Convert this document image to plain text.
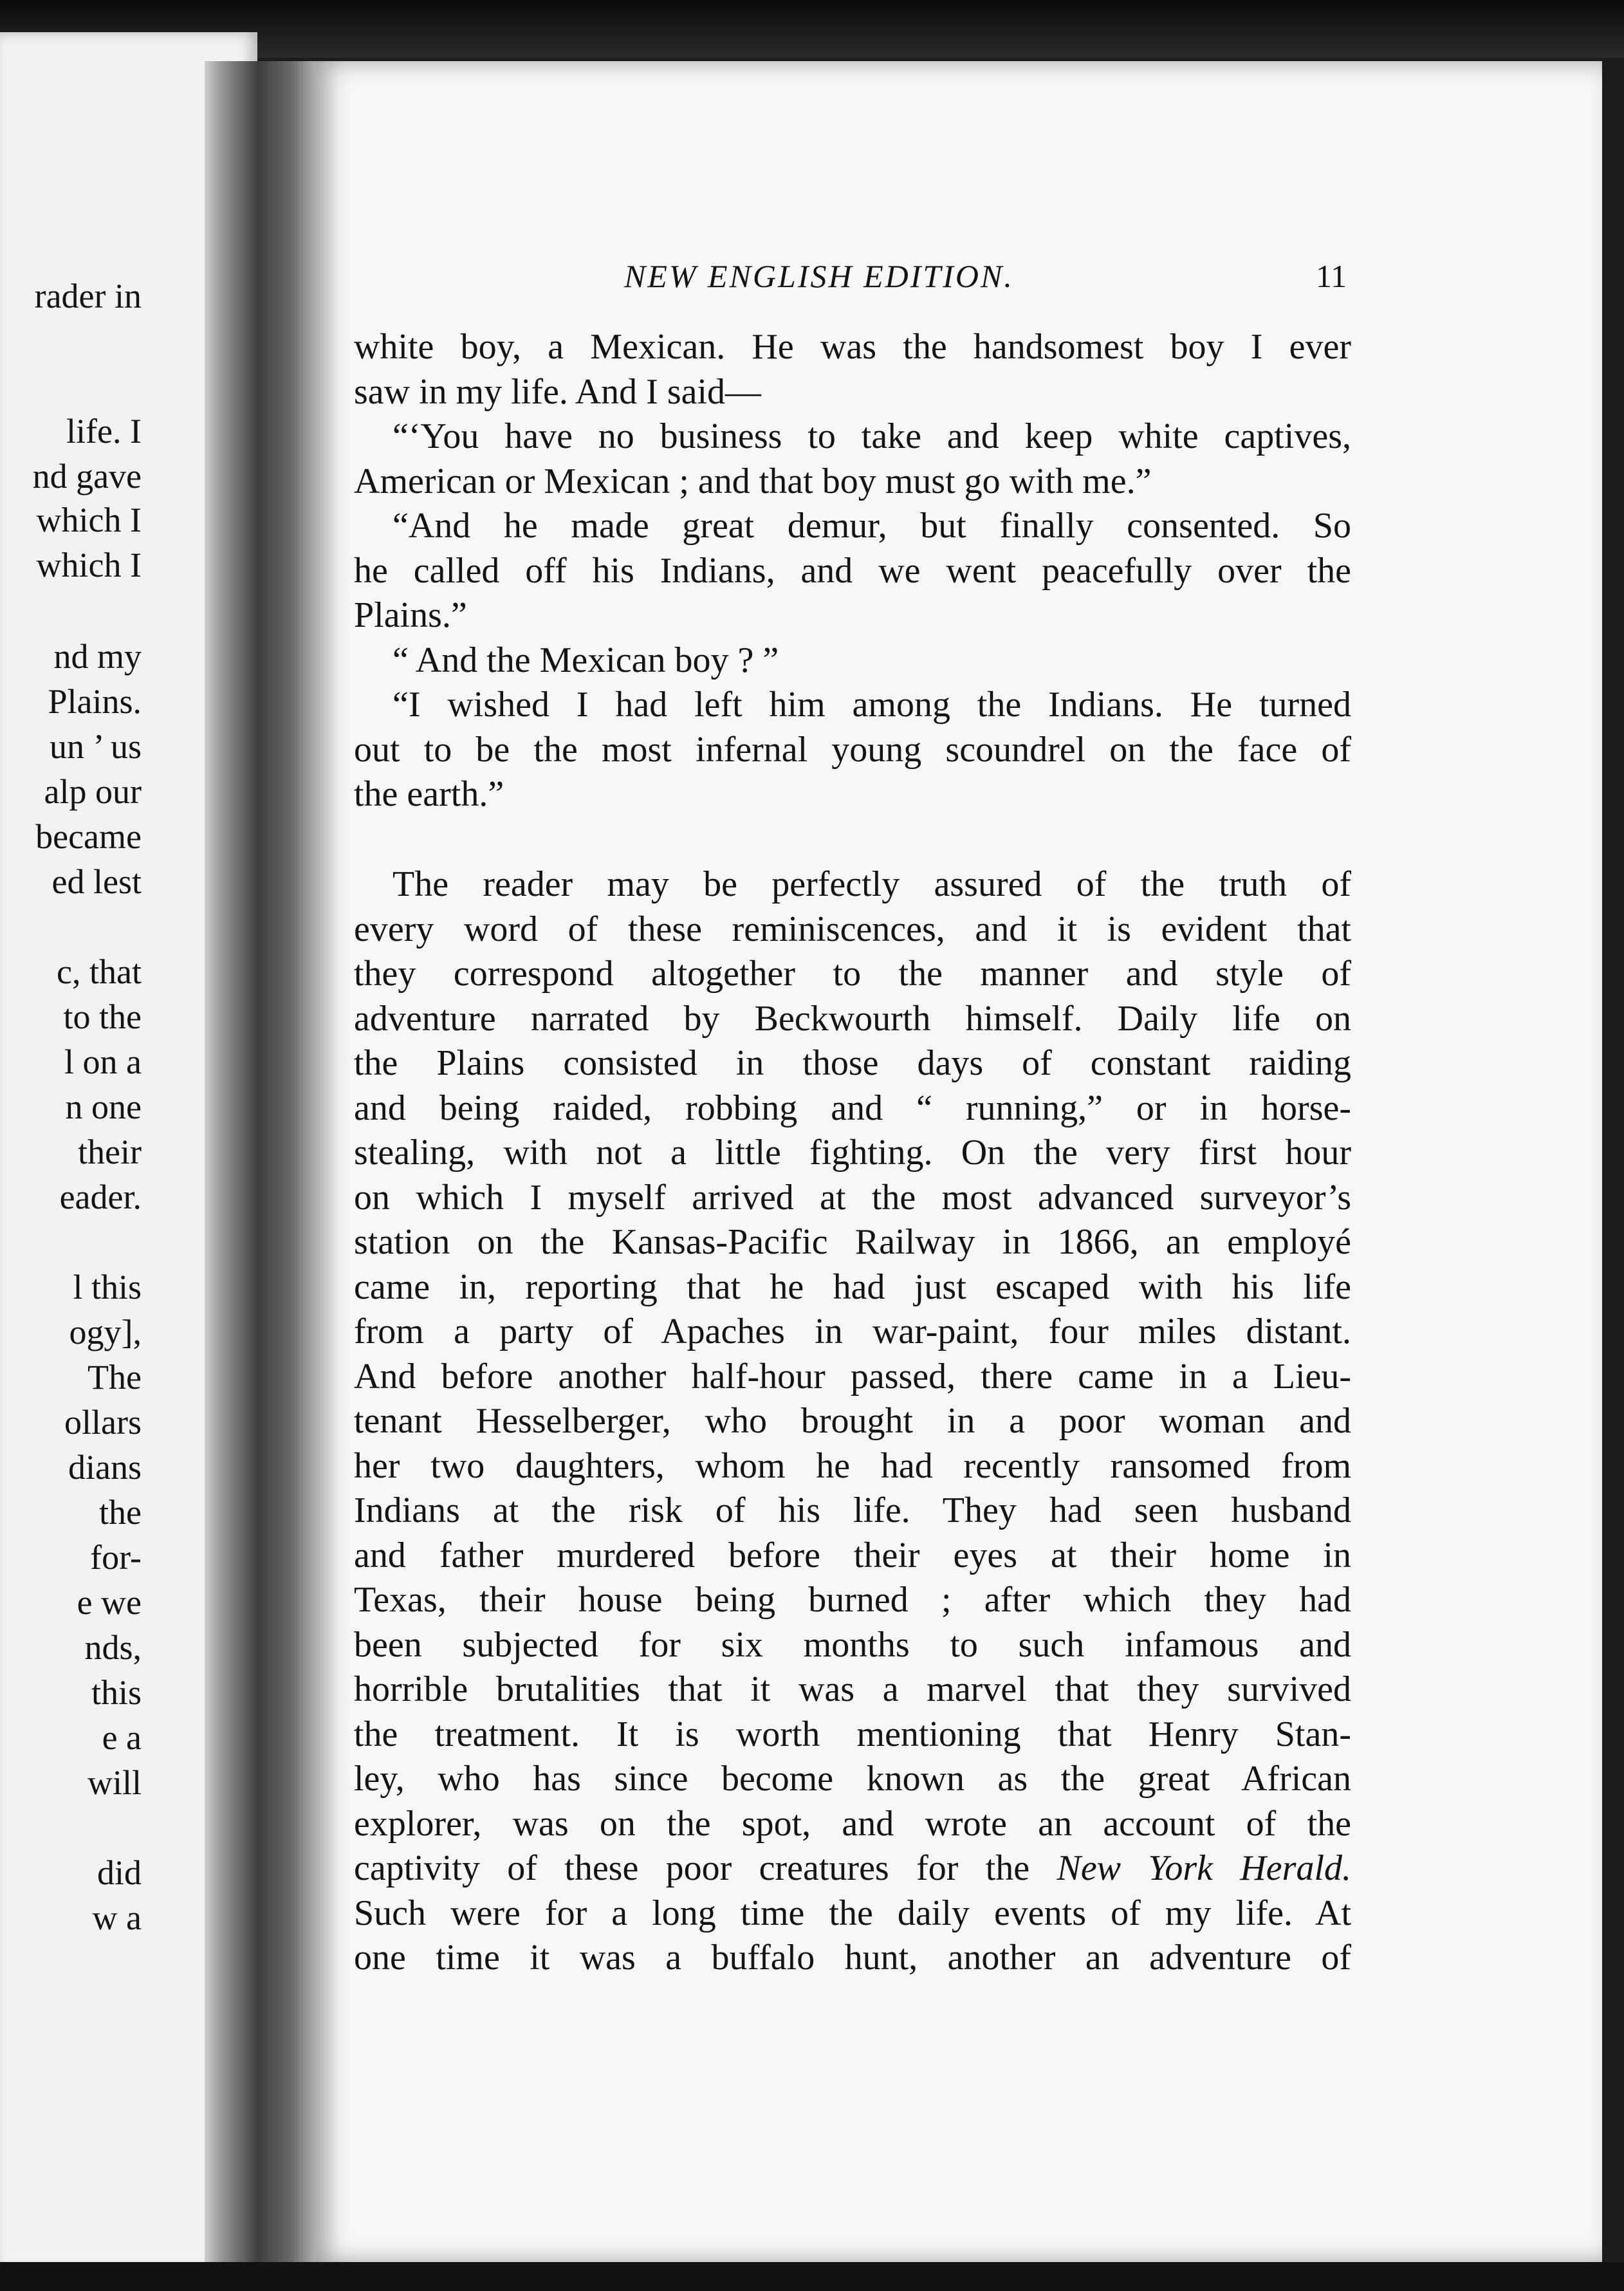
rader in
life. I
nd gave
which I
which I
nd my
Plains.
un ’ us
alp our
became
ed lest
c, that
to the
l on a
n one
their
eader.
l this
ogy],
The
ollars
dians
the
for-
e we
nds,
this
e a
will
did
w a
NEW ENGLISH EDITION.	11
white boy, a Mexican. He was the handsomest boy I ever
saw in my life. And I said—
“‘You have no business to take and keep white captives,
American or Mexican ; and that boy must go with me.”
“And he made great demur, but finally consented. So
he called off his Indians, and we went peacefully over the
Plains.”
“ And the Mexican boy ? ”
“I wished I had left him among the Indians. He turned
out to be the most infernal young scoundrel on the face of
the earth.”
The reader may be perfectly assured of the truth of
every word of these reminiscences, and it is evident that
they correspond altogether to the manner and style of
adventure narrated by Beckwourth himself. Daily life on
the Plains consisted in those days of constant raiding
and being raided, robbing and “ running,” or in horse-
stealing, with not a little fighting. On the very first hour
on which I myself arrived at the most advanced surveyor’s
station on the Kansas-Pacific Railway in 1866, an employé
came in, reporting that he had just escaped with his life
from a party of Apaches in war-paint, four miles distant.
And before another half-hour passed, there came in a Lieu-
tenant Hesselberger, who brought in a poor woman and
her two daughters, whom he had recently ransomed from
Indians at the risk of his life. They had seen husband
and father murdered before their eyes at their home in
Texas, their house being burned ; after which they had
been subjected for six months to such infamous and
horrible brutalities that it was a marvel that they survived
the treatment. It is worth mentioning that Henry Stan-
ley, who has since become known as the great African
explorer, was on the spot, and wrote an account of the
captivity of these poor creatures for the New York Herald.
Such were for a long time the daily events of my life. At
one time it was a buffalo hunt, another an adventure of
